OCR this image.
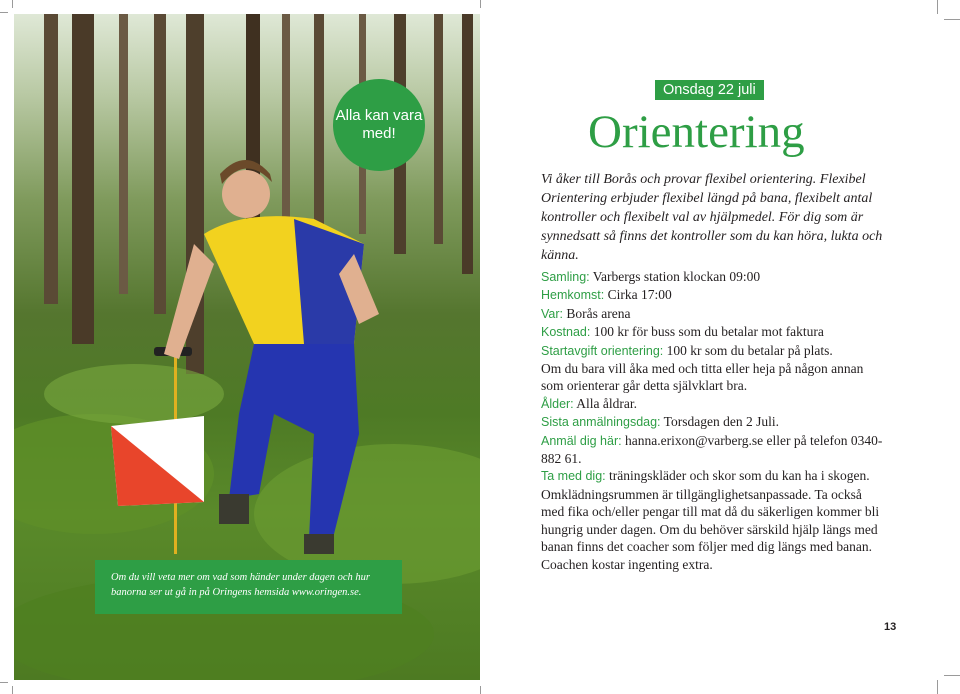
Alla kan vara med!
Om du vill veta mer om vad som händer under dagen och hur banorna ser ut gå in på Oringens hemsida www.oringen.se.
Onsdag 22 juli
Orientering
Vi åker till Borås och provar flexibel orientering. Flexibel Orientering erbjuder flexibel längd på bana, flexibelt antal kontroller och flexibelt val av hjälpmedel. För dig som är synnedsatt så finns det kontroller som du kan höra, lukta och känna.

Samling: Varbergs station klockan 09:00

Hemkomst: Cirka 17:00

Var: Borås arena

Kostnad: 100 kr för buss som du betalar mot faktura

Startavgift orientering: 100 kr som du betalar på plats.

Om du bara vill åka med och titta eller heja på någon annan som orienterar går detta självklart bra.

Ålder: Alla åldrar.

Sista anmälningsdag: Torsdagen den 2 Juli.

Anmäl dig här: hanna.erixon@varberg.se eller på telefon 0340-882 61.

Ta med dig: träningskläder och skor som du kan ha i skogen. Omklädningsrummen är tillgänglighetsanpassade. Ta också med fika och/eller pengar till mat då du säkerligen kommer bli hungrig under dagen. Om du behöver särskild hjälp längs med banan finns det coacher som följer med dig längs med banan. Coachen kostar ingenting extra.

13
